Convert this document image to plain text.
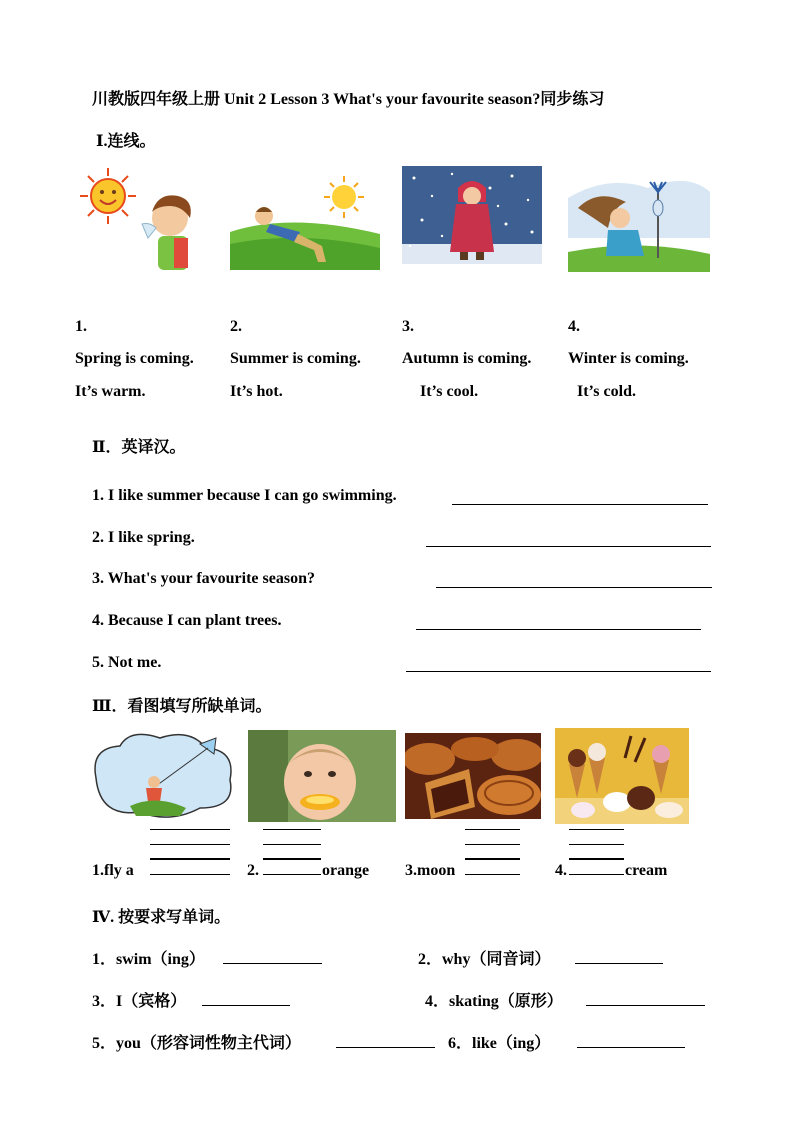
川教版四年级上册 Unit 2 Lesson 3 What's your favourite season?同步练习
Ⅰ.连线。
1.
Spring is coming.
It’s warm.
2.
Summer is coming.
It’s hot.
3.
Autumn is coming.
It’s cool.
4.
Winter is coming.
It’s cold.
Ⅱ．英译汉。
1. I like summer because I can go swimming.
2. I like spring.
3. What's your favourite season?
4. Because I can plant trees.
5. Not me.
Ⅲ．看图填写所缺单词。
1.fly a	2.	orange 3.moon	4.	cream
Ⅳ. 按要求写单词。
1．swim（ing）	2．why（同音词）
3．I（宾格）	4．skating（原形）
5．you（形容词性物主代词）	6．like（ing）
